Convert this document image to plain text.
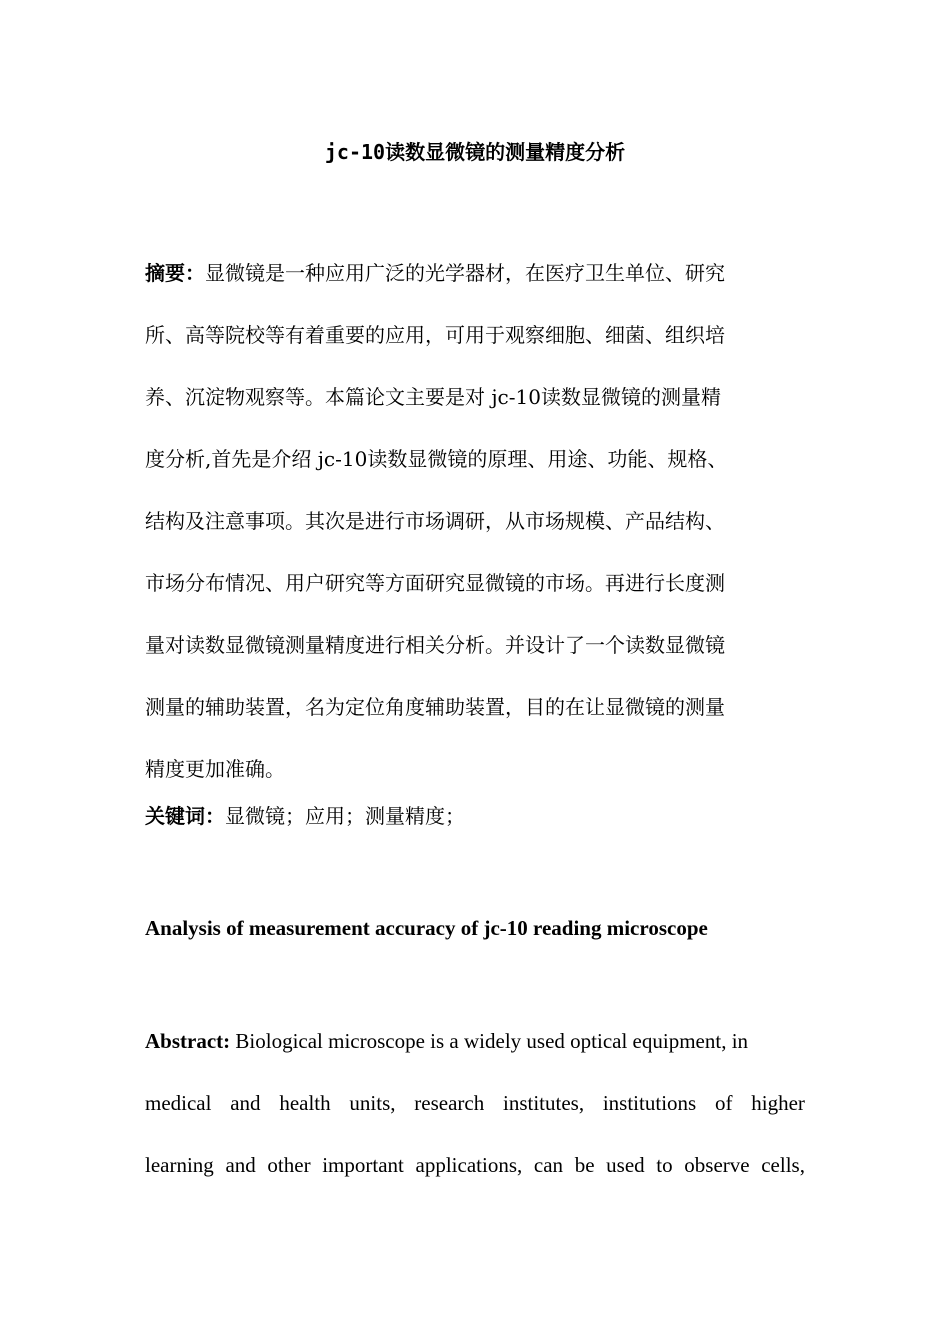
jc-10读数显微镜的测量精度分析
摘要：显微镜是一种应用广泛的光学器材，在医疗卫生单位、研究
所、高等院校等有着重要的应用，可用于观察细胞、细菌、组织培
养、沉淀物观察等。本篇论文主要是对 jc-10读数显微镜的测量精
度分析,首先是介绍 jc-10读数显微镜的原理、用途、功能、规格、
结构及注意事项。其次是进行市场调研，从市场规模、产品结构、
市场分布情况、用户研究等方面研究显微镜的市场。再进行长度测
量对读数显微镜测量精度进行相关分析。并设计了一个读数显微镜
测量的辅助装置，名为定位角度辅助装置，目的在让显微镜的测量
精度更加准确。
关键词：显微镜；应用；测量精度；
Analysis of measurement accuracy of jc-10 reading microscope
Abstract: Biological microscope is a widely used optical equipment, in
medical and health units, research institutes, institutions of higher
learning and other important applications, can be used to observe cells,
